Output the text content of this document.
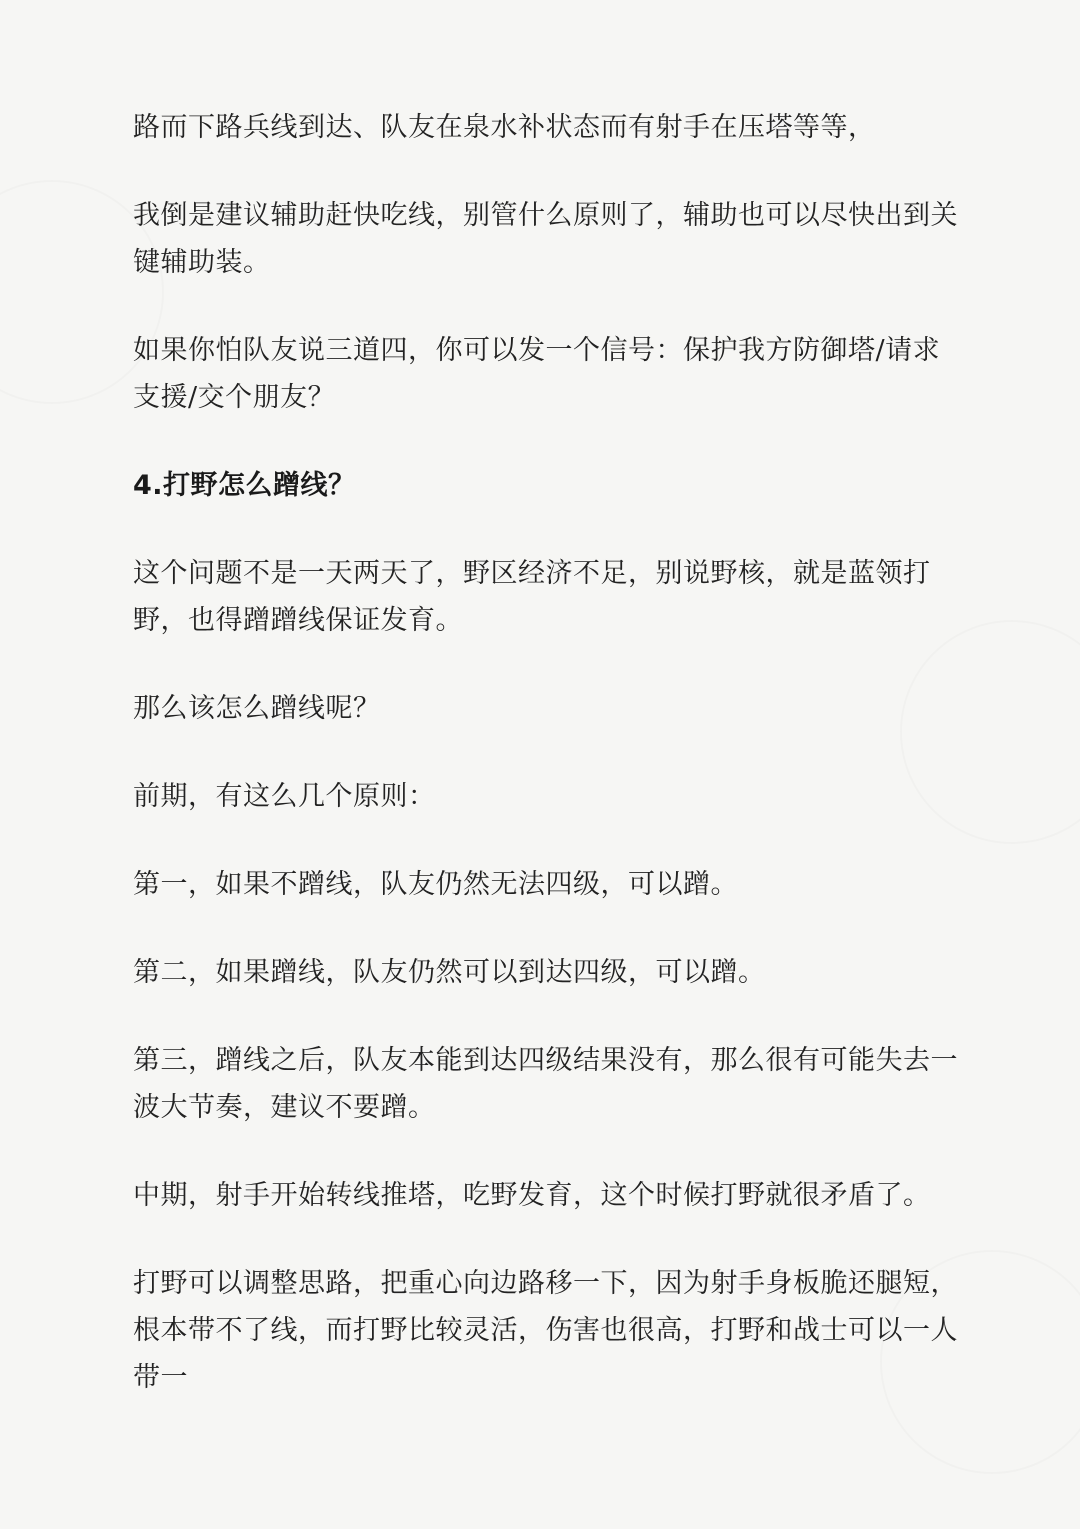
路而下路兵线到达、队友在泉水补状态而有射手在压塔等等，

我倒是建议辅助赶快吃线，别管什么原则了，辅助也可以尽快出到关键辅助装。

如果你怕队友说三道四，你可以发一个信号：保护我方防御塔/请求支援/交个朋友？

4.打野怎么蹭线？

这个问题不是一天两天了，野区经济不足，别说野核，就是蓝领打野，也得蹭蹭线保证发育。

那么该怎么蹭线呢？

前期，有这么几个原则：

第一，如果不蹭线，队友仍然无法四级，可以蹭。

第二，如果蹭线，队友仍然可以到达四级，可以蹭。

第三，蹭线之后，队友本能到达四级结果没有，那么很有可能失去一波大节奏，建议不要蹭。

中期，射手开始转线推塔，吃野发育，这个时候打野就很矛盾了。

打野可以调整思路，把重心向边路移一下，因为射手身板脆还腿短，根本带不了线，而打野比较灵活，伤害也很高，打野和战士可以一人带一
